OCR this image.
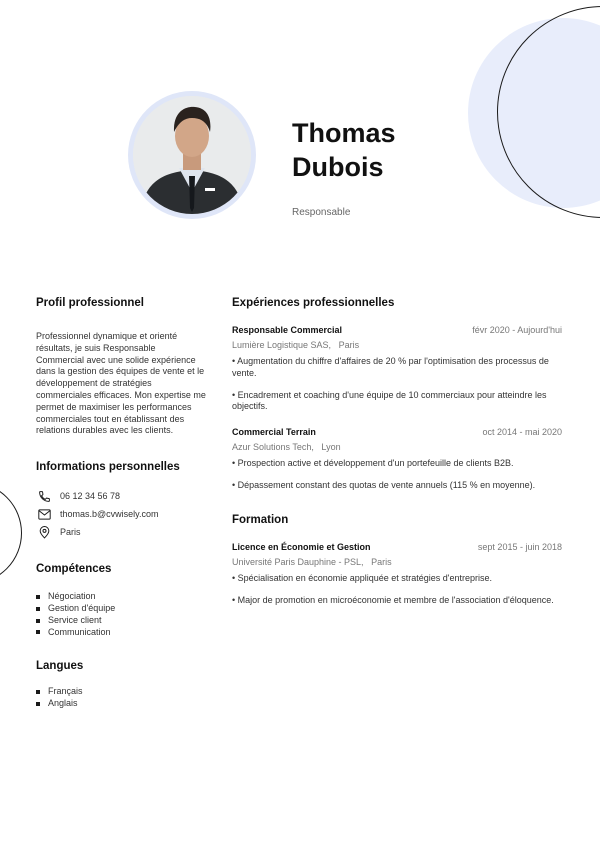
Thomas
Dubois
Responsable
Profil professionnel
Professionnel dynamique et orienté résultats, je suis Responsable Commercial avec une solide expérience dans la gestion des équipes de vente et le développement de stratégies commerciales efficaces. Mon expertise me permet de maximiser les performances commerciales tout en établissant des relations durables avec les clients.
Informations personnelles
06 12 34 56 78
thomas.b@cvwisely.com
Paris
Compétences
Négociation
Gestion d'équipe
Service client
Communication
Langues
Français
Anglais
Expériences professionnelles
Responsable Commercial	févr 2020 - Aujourd'hui
Lumière Logistique SAS, Paris
• Augmentation du chiffre d'affaires de 20 % par l'optimisation des processus de vente.
• Encadrement et coaching d'une équipe de 10 commerciaux pour atteindre les objectifs.
Commercial Terrain	oct 2014 - mai 2020
Azur Solutions Tech, Lyon
• Prospection active et développement d'un portefeuille de clients B2B.
• Dépassement constant des quotas de vente annuels (115 % en moyenne).
Formation
Licence en Économie et Gestion	sept 2015 - juin 2018
Université Paris Dauphine - PSL, Paris
• Spécialisation en économie appliquée et stratégies d'entreprise.
• Major de promotion en microéconomie et membre de l'association d'éloquence.
